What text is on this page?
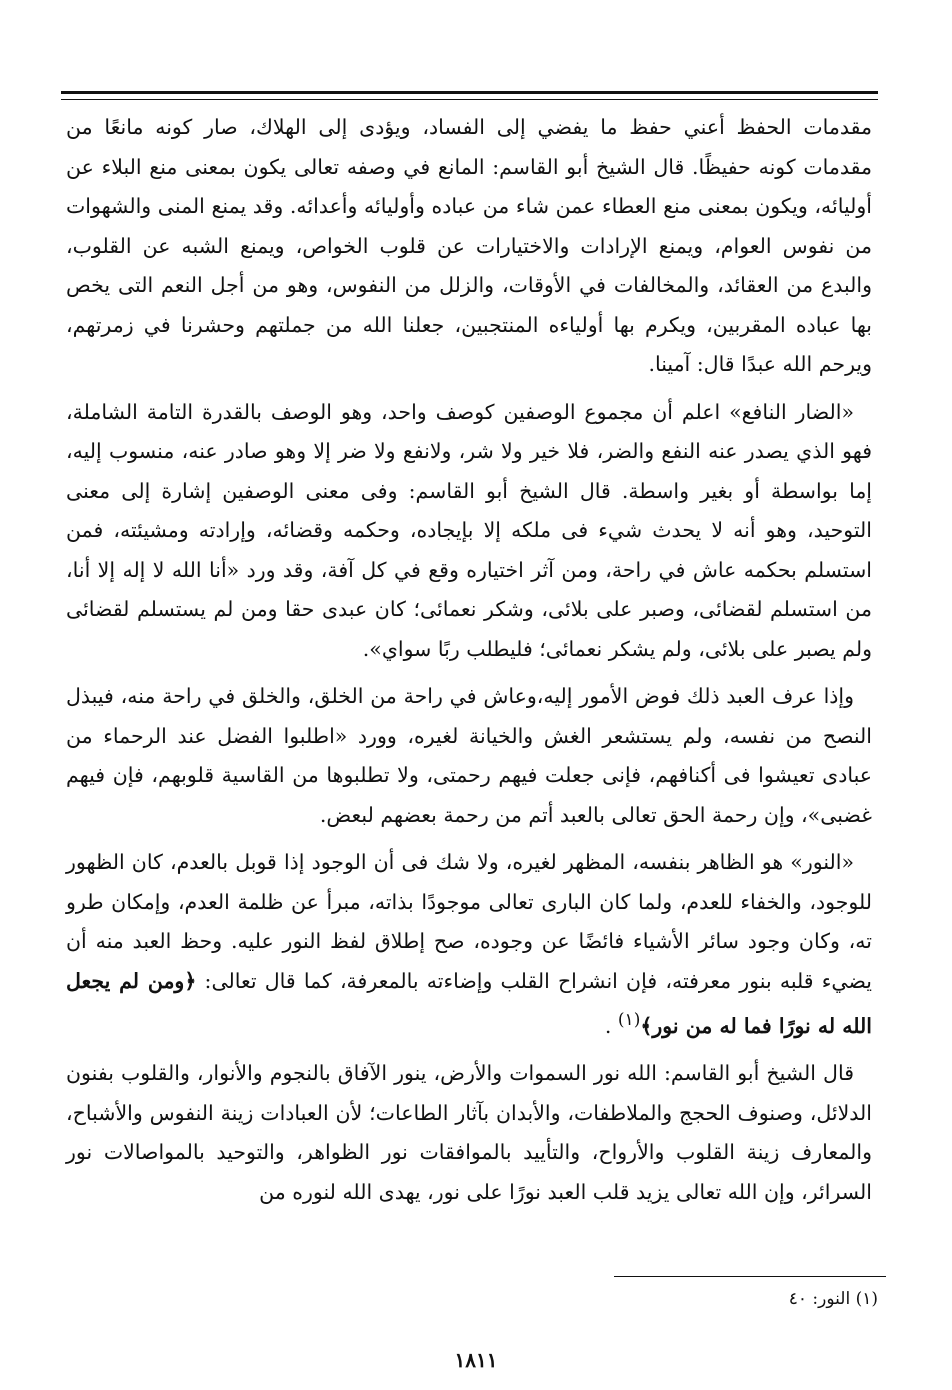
مقدمات الحفظ أعني حفظ ما يفضي إلى الفساد، ويؤدى إلى الهلاك، صار كونه مانعًا من مقدمات كونه حفيظًا. قال الشيخ أبو القاسم: المانع في وصفه تعالى يكون بمعنى منع البلاء عن أوليائه، ويكون بمعنى منع العطاء عمن شاء من عباده وأوليائه وأعدائه. وقد يمنع المنى والشهوات من نفوس العوام، ويمنع الإرادات والاختيارات عن قلوب الخواص، ويمنع الشبه عن القلوب، والبدع من العقائد، والمخالفات في الأوقات، والزلل من النفوس، وهو من أجل النعم التى يخص بها عباده المقربين، ويكرم بها أولياءه المنتجبين، جعلنا الله من جملتهم وحشرنا في زمرتهم، ويرحم الله عبدًا قال: آمينا.

«الضار النافع» اعلم أن مجموع الوصفين كوصف واحد، وهو الوصف بالقدرة التامة الشاملة، فهو الذي يصدر عنه النفع والضر، فلا خير ولا شر، ولانفع ولا ضر إلا وهو صادر عنه، منسوب إليه، إما بواسطة أو بغير واسطة. قال الشيخ أبو القاسم: وفى معنى الوصفين إشارة إلى معنى التوحيد، وهو أنه لا يحدث شيء فى ملكه إلا بإيجاده، وحكمه وقضائه، وإرادته ومشيئته، فمن استسلم بحكمه عاش في راحة، ومن آثر اختياره وقع في كل آفة، وقد ورد «أنا الله لا إله إلا أنا، من استسلم لقضائى، وصبر على بلائى، وشكر نعمائى؛ كان عبدى حقا ومن لم يستسلم لقضائى ولم يصبر على بلائى، ولم يشكر نعمائى؛ فليطلب ربًا سواي».

وإذا عرف العبد ذلك فوض الأمور إليه،وعاش في راحة من الخلق، والخلق في راحة منه، فيبذل النصح من نفسه، ولم يستشعر الغش والخيانة لغيره، وورد «اطلبوا الفضل عند الرحماء من عبادى تعيشوا فى أكنافهم، فإنى جعلت فيهم رحمتى، ولا تطلبوها من القاسية قلوبهم، فإن فيهم غضبى»، وإن رحمة الحق تعالى بالعبد أتم من رحمة بعضهم لبعض.

«النور» هو الظاهر بنفسه، المظهر لغيره، ولا شك فى أن الوجود إذا قوبل بالعدم، كان الظهور للوجود، والخفاء للعدم، ولما كان البارى تعالى موجودًا بذاته، مبرأ عن ظلمة العدم، وإمكان طرو ته، وكان وجود سائر الأشياء فائضًا عن وجوده، صح إطلاق لفظ النور عليه. وحظ العبد منه أن يضيء قلبه بنور معرفته، فإن انشراح القلب وإضاءته بالمعرفة، كما قال تعالى: ﴿ومن لم يجعل الله له نورًا فما له من نور﴾$^{(١)}$ .

قال الشيخ أبو القاسم: الله نور السموات والأرض، ينور الآفاق بالنجوم والأنوار، والقلوب بفنون الدلائل، وصنوف الحجج والملاطفات، والأبدان بآثار الطاعات؛ لأن العبادات زينة النفوس والأشباح، والمعارف زينة القلوب والأرواح، والتأييد بالموافقات نور الظواهر، والتوحيد بالمواصالات نور السرائر، وإن الله تعالى يزيد قلب العبد نورًا على نور، يهدى الله لنوره من

(١) النور: ٤٠
١٨١١
